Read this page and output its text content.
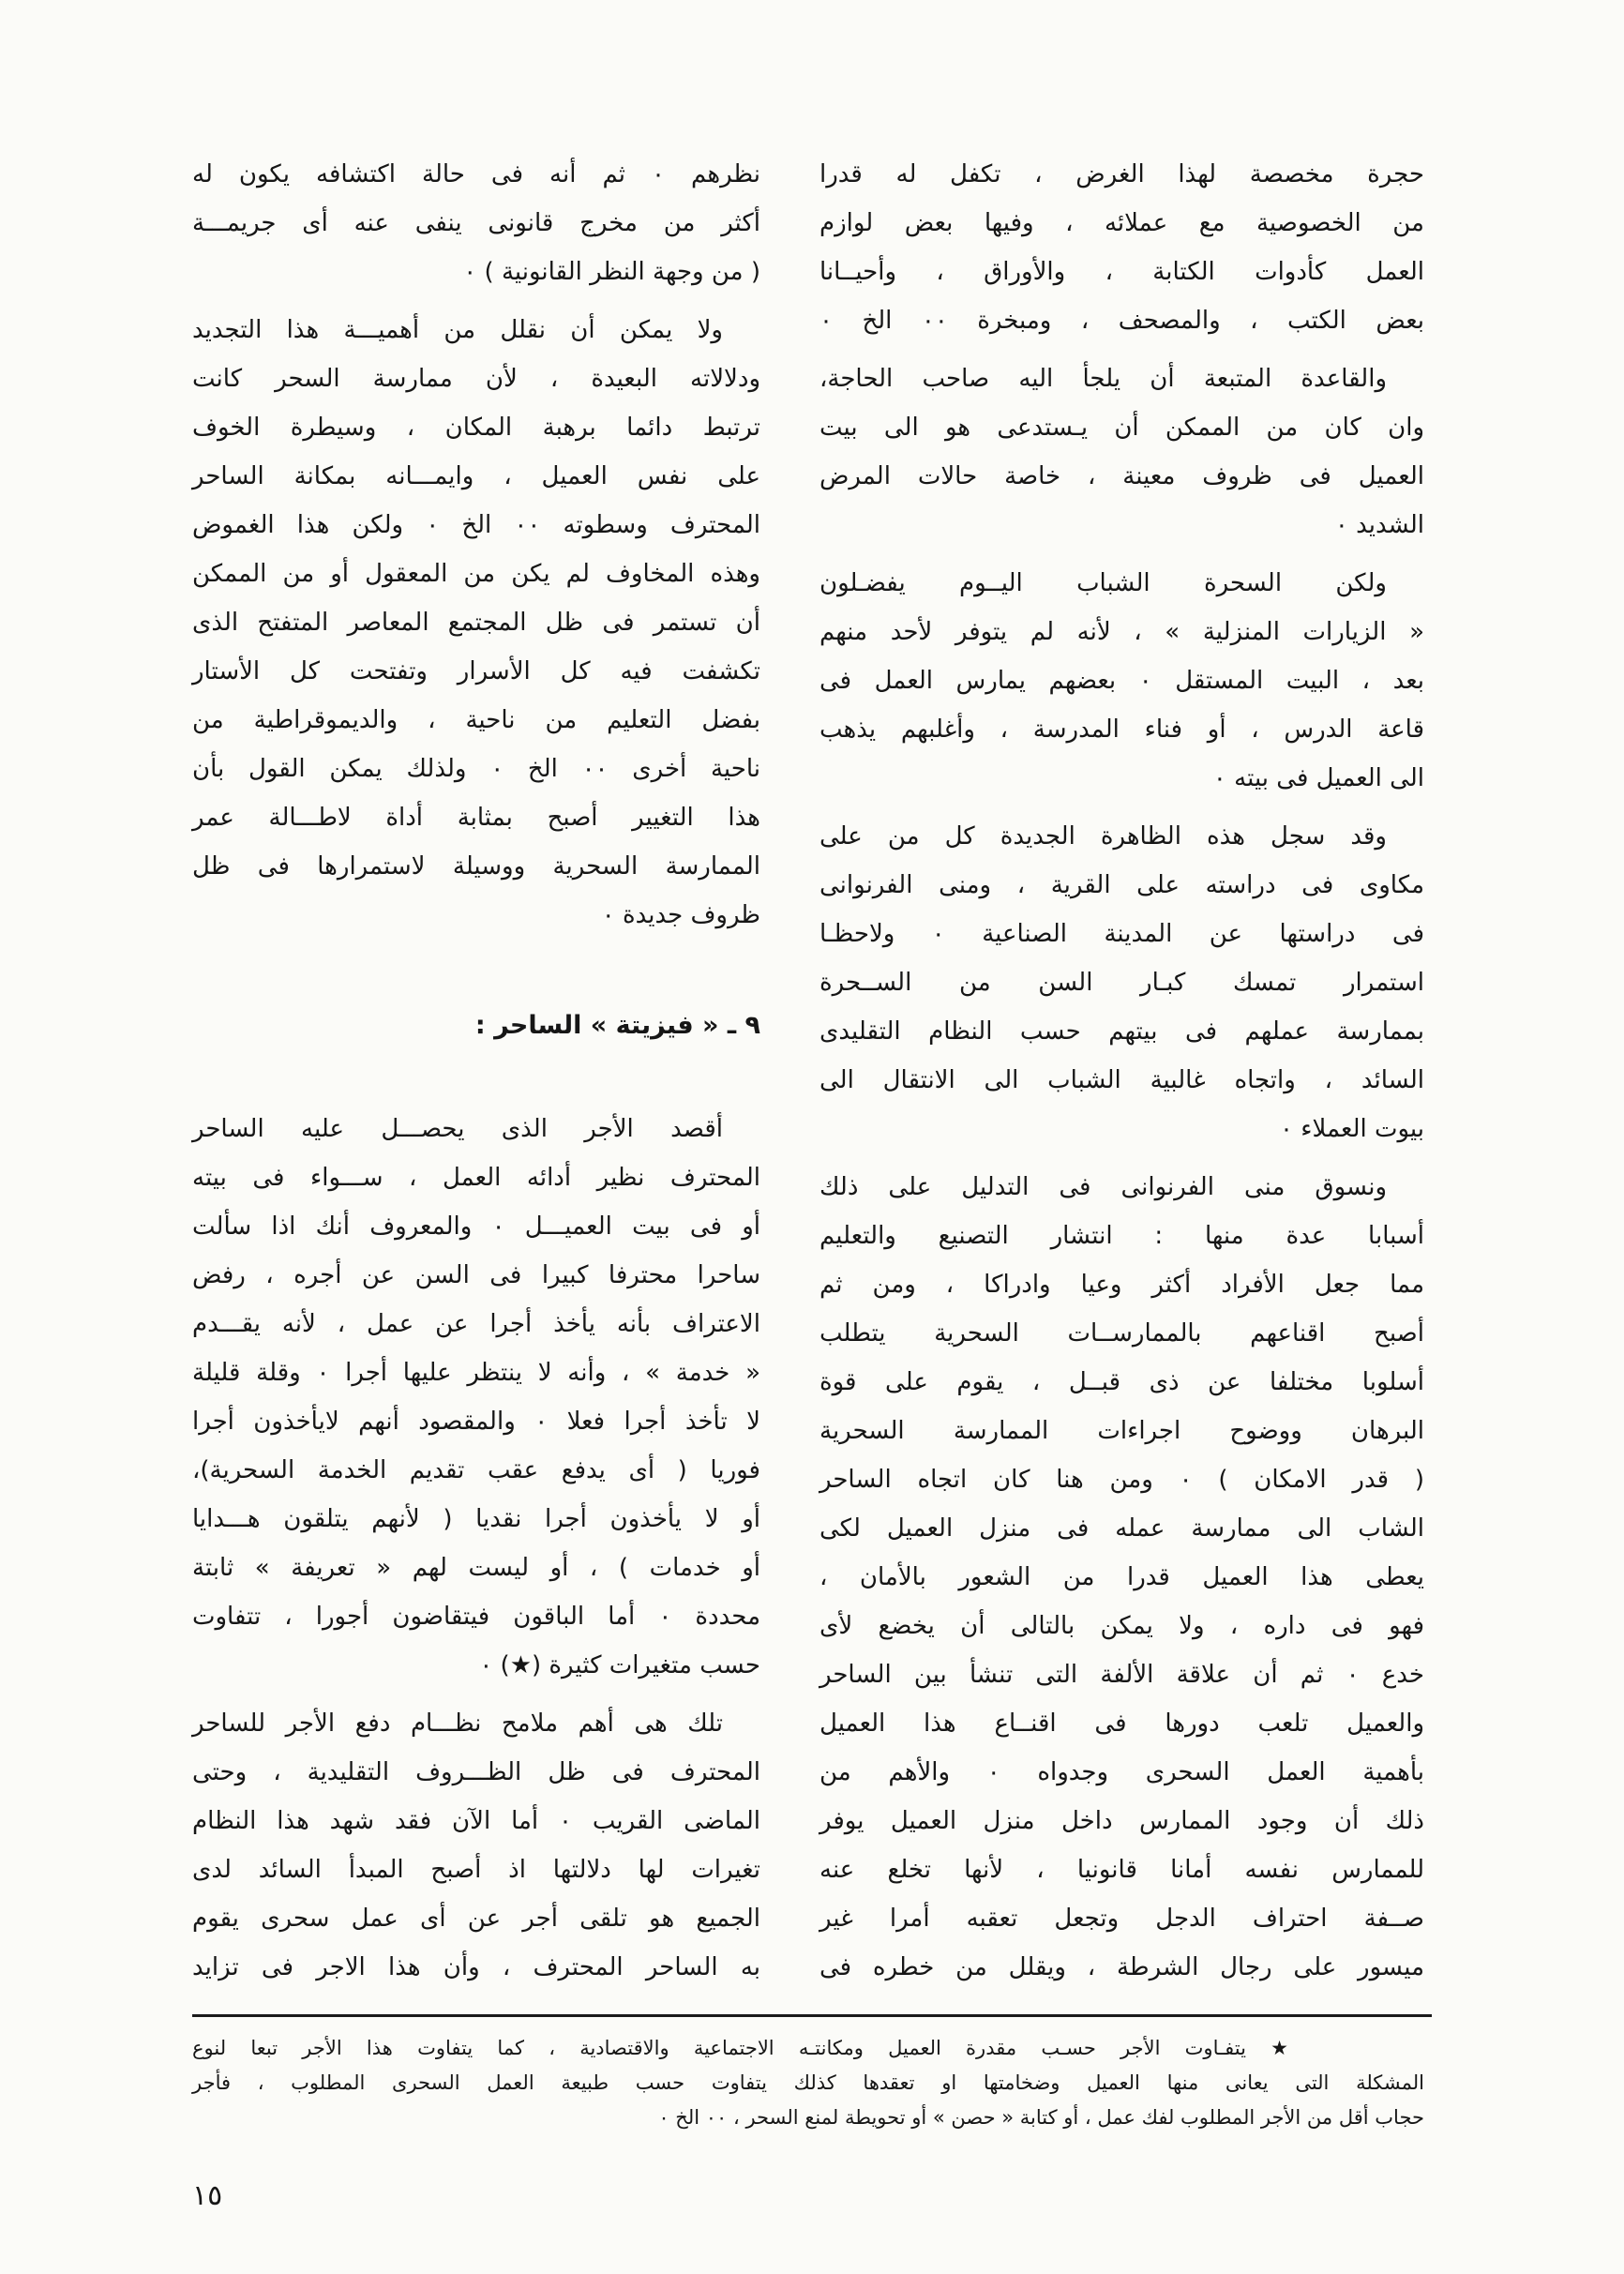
حجرة مخصصة لهذا الغرض ، تكفل له قدرا
من الخصوصية مع عملائه ، وفيها بعض لوازم
العمل كأدوات الكتابة ، والأوراق ، وأحيــانا
بعض الكتب ، والمصحف ، ومبخرة ٠٠ الخ ٠
والقاعدة المتبعة أن يلجأ اليه صاحب الحاجة،
وان كان من الممكن أن يـستدعى هو الى بيت
العميل فى ظروف معينة ، خاصة حالات المرض
الشديد ٠
ولكن السحرة الشباب اليــوم يفضـلون
« الزيارات المنزلية » ، لأنه لم يتوفر لأحد منهم
بعد ، البيت المستقل ٠ بعضهم يمارس العمل فى
قاعة الدرس ، أو فناء المدرسة ، وأغلبهم يذهب
الى العميل فى بيته ٠
وقد سجل هذه الظاهرة الجديدة كل من على
مكاوى فى دراسته على القرية ، ومنى الفرنوانى
فى دراستها عن المدينة الصناعية ٠ ولاحظـا
استمرار تمسك كبـار السن من الســحرة
بممارسة عملهم فى بيتهم حسب النظام التقليدى
السائد ، واتجاه غالبية الشباب الى الانتقال الى
بيوت العملاء ٠
ونسوق منى الفرنوانى فى التدليل على ذلك
أسبابا عدة منها : انتشار التصنيع والتعليم
مما جعل الأفراد أكثر وعيا وادراكا ، ومن ثم
أصبح اقناعهم بالممارســات السحرية يتطلب
أسلوبا مختلفا عن ذى قبــل ، يقوم على قوة
البرهان ووضوح اجراءات الممارسة السحرية
( قدر الامكان ) ٠ ومن هنا كان اتجاه الساحر
الشاب الى ممارسة عمله فى منزل العميل لكى
يعطى هذا العميل قدرا من الشعور بالأمان ،
فهو فى داره ، ولا يمكن بالتالى أن يخضع لأى
خدع ٠ ثم أن علاقة الألفة التى تنشأ بين الساحر
والعميل تلعب دورها فى اقنــاع هذا العميل
بأهمية العمل السحرى وجدواه ٠ والأهم من
ذلك أن وجود الممارس داخل منزل العميل يوفر
للممارس نفسه أمانا قانونيا ، لأنها تخلع عنه
صــفة احتراف الدجل وتجعل تعقبه أمرا غير
ميسور على رجال الشرطة ، ويقلل من خطره فى
نظرهم ٠ ثم أنه فى حالة اكتشافه يكون له
أكثر من مخرج قانونى ينفى عنه أى جريمـــة
( من وجهة النظر القانونية ) ٠
ولا يمكن أن نقلل من أهميـــة هذا التجديد
ودلالاته البعيدة ، لأن ممارسة السحر كانت
ترتبط دائما برهبة المكان ، وسيطرة الخوف
على نفس العميل ، وايمـــانه بمكانة الساحر
المحترف وسطوته ٠٠ الخ ٠ ولكن هذا الغموض
وهذه المخاوف لم يكن من المعقول أو من الممكن
أن تستمر فى ظل المجتمع المعاصر المتفتح الذى
تكشفت فيه كل الأسرار وتفتحت كل الأستار
بفضل التعليم من ناحية ، والديموقراطية من
ناحية أخرى ٠٠ الخ ٠ ولذلك يمكن القول بأن
هذا التغيير أصبح بمثابة أداة لاطـــالة عمر
الممارسة السحرية ووسيلة لاستمرارها فى ظل
ظروف جديدة ٠
٩ ـ « فيزيتة » الساحر :
أقصد الأجر الذى يحصـــل عليه الساحر
المحترف نظير أدائه العمل ، ســـواء فى بيته
أو فى بيت العميـــل ٠ والمعروف أنك اذا سألت
ساحرا محترفا كبيرا فى السن عن أجره ، رفض
الاعتراف بأنه يأخذ أجرا عن عمل ، لأنه يقـــدم
« خدمة » ، وأنه لا ينتظر عليها أجرا ٠ وقلة قليلة
لا تأخذ أجرا فعلا ٠ والمقصود أنهم لايأخذون أجرا
فوريا ( أى يدفع عقب تقديم الخدمة السحرية)،
أو لا يأخذون أجرا نقديا ( لأنهم يتلقون هـــدايا
أو خدمات ) ، أو ليست لهم « تعريفة » ثابتة
محددة ٠ أما الباقون فيتقاضون أجورا ، تتفاوت
حسب متغيرات كثيرة (★) ٠
تلك هى أهم ملامح نظـــام دفع الأجر للساحر
المحترف فى ظل الظـــروف التقليدية ، وحتى
الماضى القريب ٠ أما الآن فقد شهد هذا النظام
تغيرات لها دلالتها اذ أصبح المبدأ السائد لدى
الجميع هو تلقى أجر عن أى عمل سحرى يقوم
به الساحر المحترف ، وأن هذا الاجر فى تزايد
★ يتفـاوت الأجر حسـب مقدرة العميل ومكانتـه الاجتماعية والاقتصادية ، كما يتفاوت هذا الأجر تبعا لنوع
المشكلة التى يعانى منها العميل وضخامتها او تعقدها كذلك يتفاوت حسب طبيعة العمل السحرى المطلوب ، فأجر
حجاب أقل من الأجر المطلوب لفك عمل ، أو كتابة « حصن » أو تحويطة لمنع السحر ، ٠٠ الخ ٠
١٥
